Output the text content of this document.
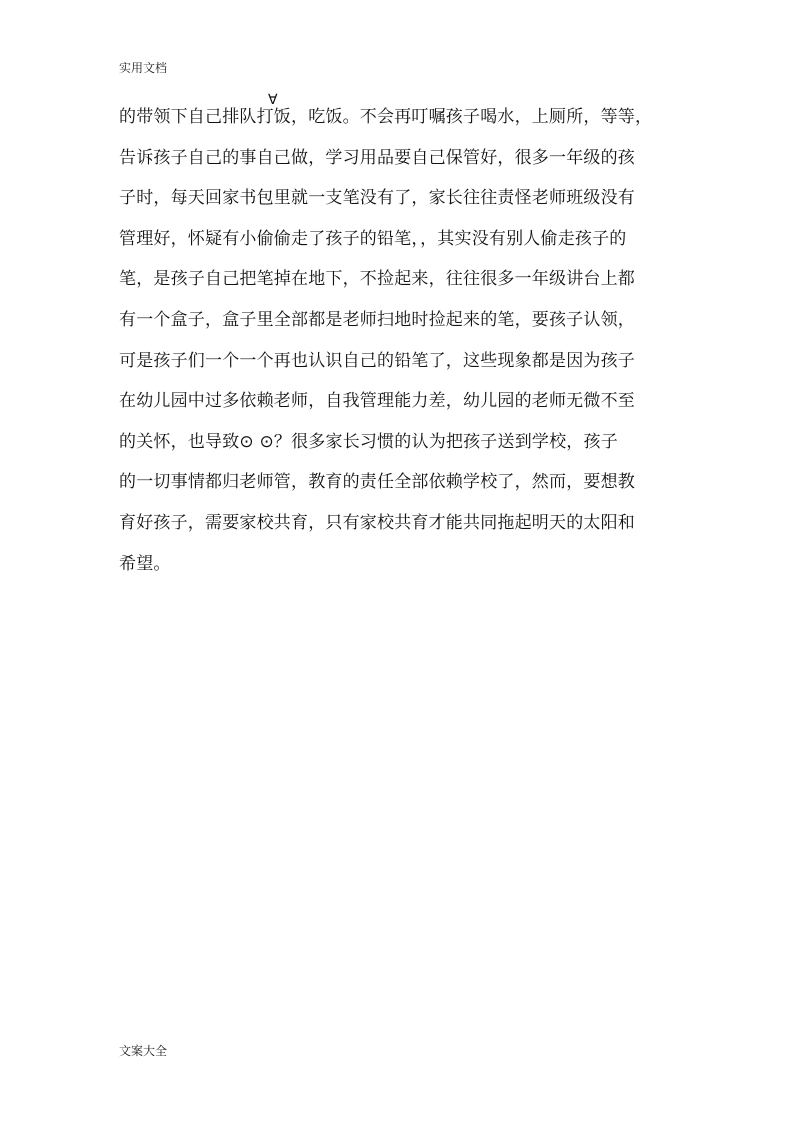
实用文档
∀
的带领下自己排队打饭，吃饭。不会再叮嘱孩子喝水，上厕所，等等，
告诉孩子自己的事自己做，学习用品要自己保管好，很多一年级的孩
子时，每天回家书包里就一支笔没有了，家长往往责怪老师班级没有
管理好，怀疑有小偷偷走了孩子的铅笔，，其实没有别人偷走孩子的
笔，是孩子自己把笔掉在地下，不捡起来，往往很多一年级讲台上都
有一个盒子，盒子里全部都是老师扫地时捡起来的笔，要孩子认领，
可是孩子们一个一个再也认识自己的铅笔了，这些现象都是因为孩子
在幼儿园中过多依赖老师，自我管理能力差，幼儿园的老师无微不至
的关怀，也导致⊙ ⊙？很多家长习惯的认为把孩子送到学校，孩子
的一切事情都归老师管，教育的责任全部依赖学校了，然而，要想教
育好孩子，需要家校共育，只有家校共育才能共同拖起明天的太阳和
希望。
文案大全
